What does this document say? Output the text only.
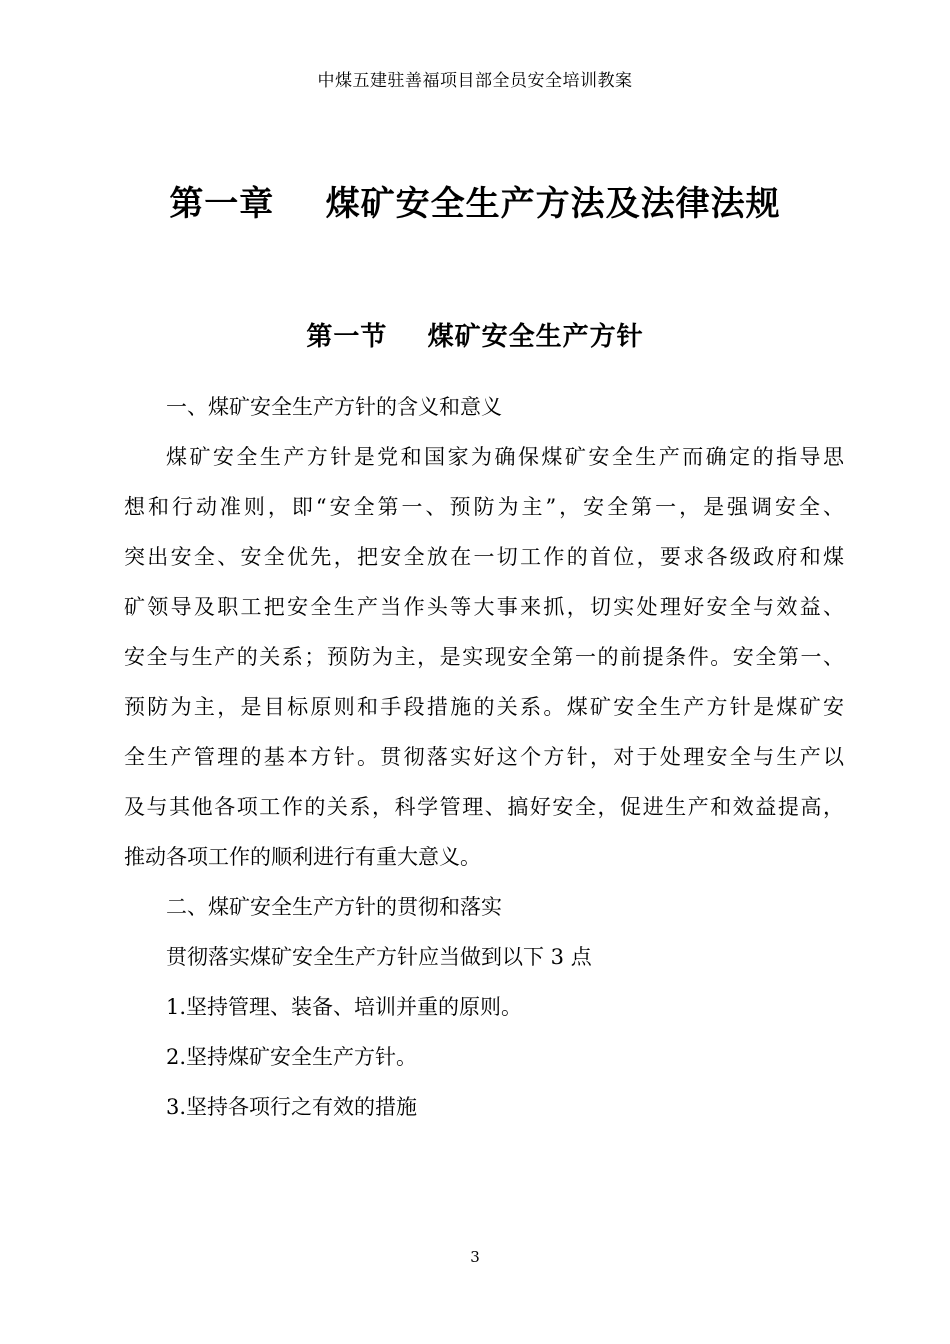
中煤五建驻善福项目部全员安全培训教案
第一章    煤矿安全生产方法及法律法规
第一节    煤矿安全生产方针
一、煤矿安全生产方针的含义和意义
煤矿安全生产方针是党和国家为确保煤矿安全生产而确定的指导思
想和行动准则，即“安全第一、预防为主”，安全第一，是强调安全、
突出安全、安全优先，把安全放在一切工作的首位，要求各级政府和煤
矿领导及职工把安全生产当作头等大事来抓，切实处理好安全与效益、
安全与生产的关系；预防为主，是实现安全第一的前提条件。安全第一、
预防为主，是目标原则和手段措施的关系。煤矿安全生产方针是煤矿安
全生产管理的基本方针。贯彻落实好这个方针，对于处理安全与生产以
及与其他各项工作的关系，科学管理、搞好安全，促进生产和效益提高，
推动各项工作的顺利进行有重大意义。
二、煤矿安全生产方针的贯彻和落实
贯彻落实煤矿安全生产方针应当做到以下 3 点
1.坚持管理、装备、培训并重的原则。
2.坚持煤矿安全生产方针。
3.坚持各项行之有效的措施
3
